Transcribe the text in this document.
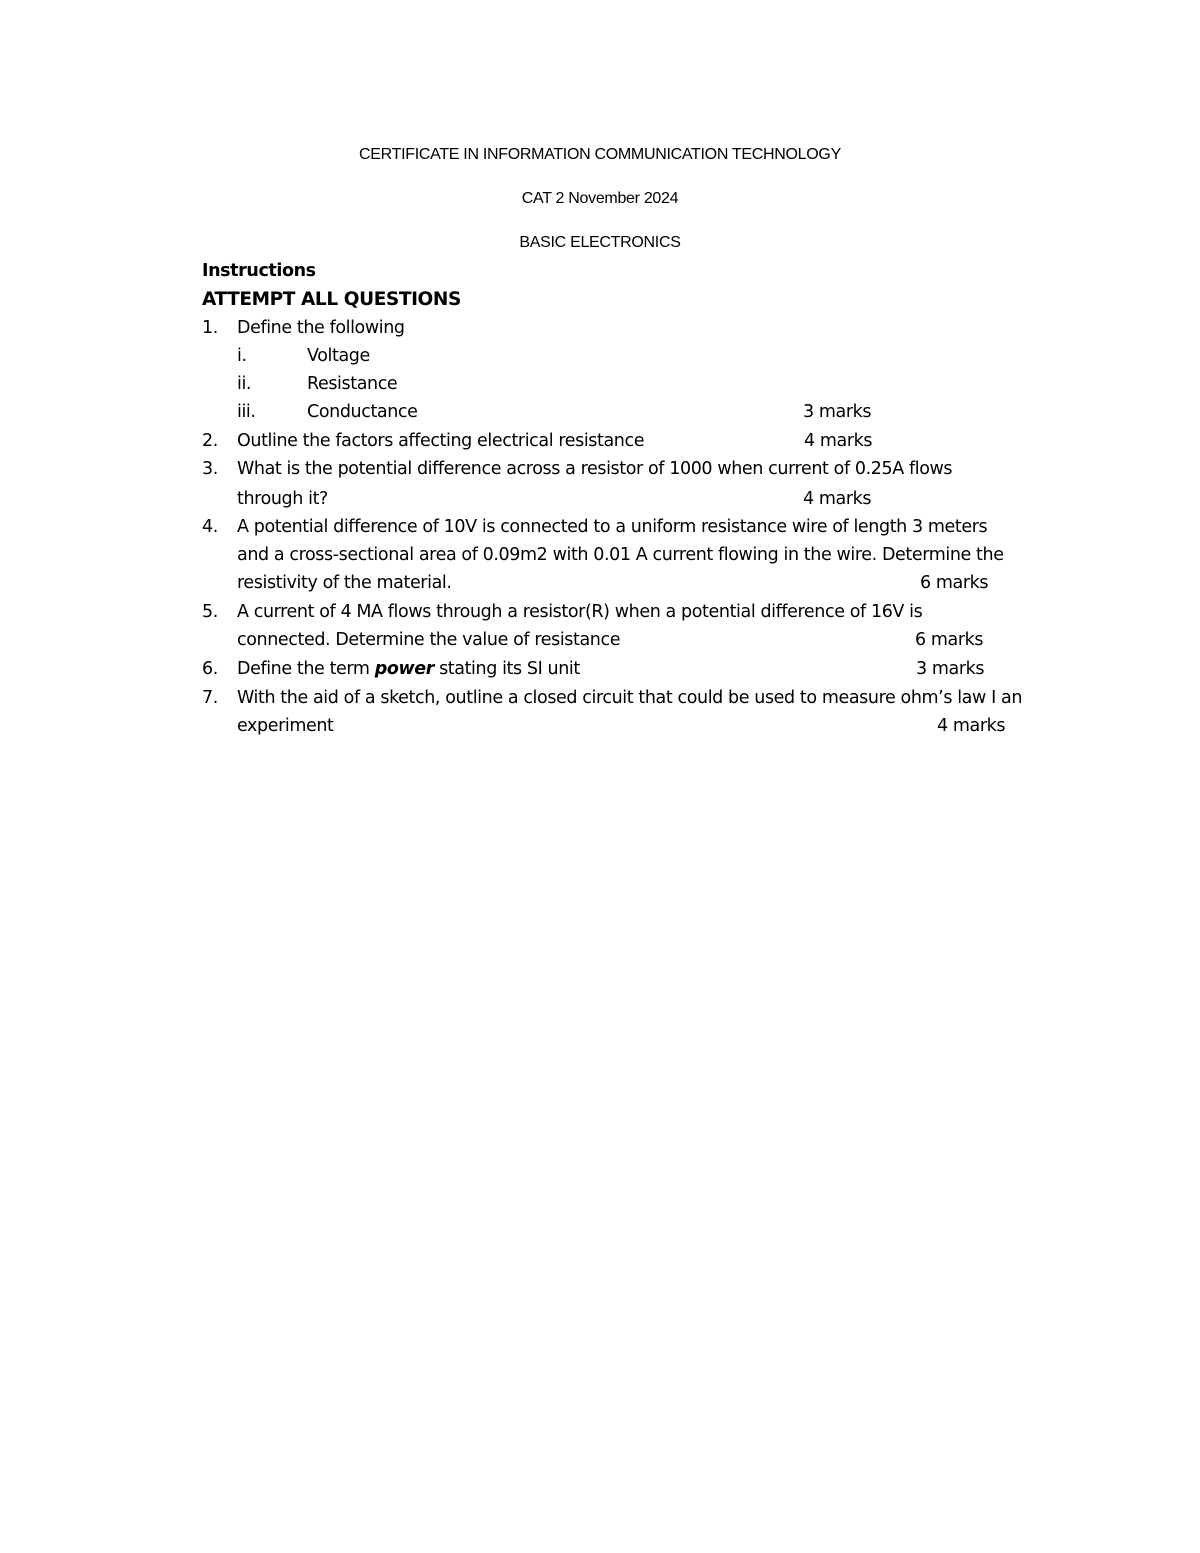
CERTIFICATE IN INFORMATION COMMUNICATION TECHNOLOGY
CAT 2 November 2024
BASIC ELECTRONICS
Instructions
ATTEMPT ALL QUESTIONS
1. Define the following
i.	Voltage
ii.	Resistance
iii.	Conductance	3 marks
2. Outline the factors affecting electrical resistance	4 marks
3. What is the potential difference across a resistor of 1000 when current of 0.25A flows
through it?	4 marks
4. A potential difference of 10V is connected to a uniform resistance wire of length 3 meters
and a cross-sectional area of 0.09m2 with 0.01 A current flowing in the wire. Determine the
resistivity of the material.	6 marks
5. A current of 4 MA flows through a resistor(R) when a potential difference of 16V is
connected. Determine the value of resistance	6 marks
6. Define the term power stating its SI unit	3 marks
7. With the aid of a sketch, outline a closed circuit that could be used to measure ohm’s law I an
experiment	4 marks
